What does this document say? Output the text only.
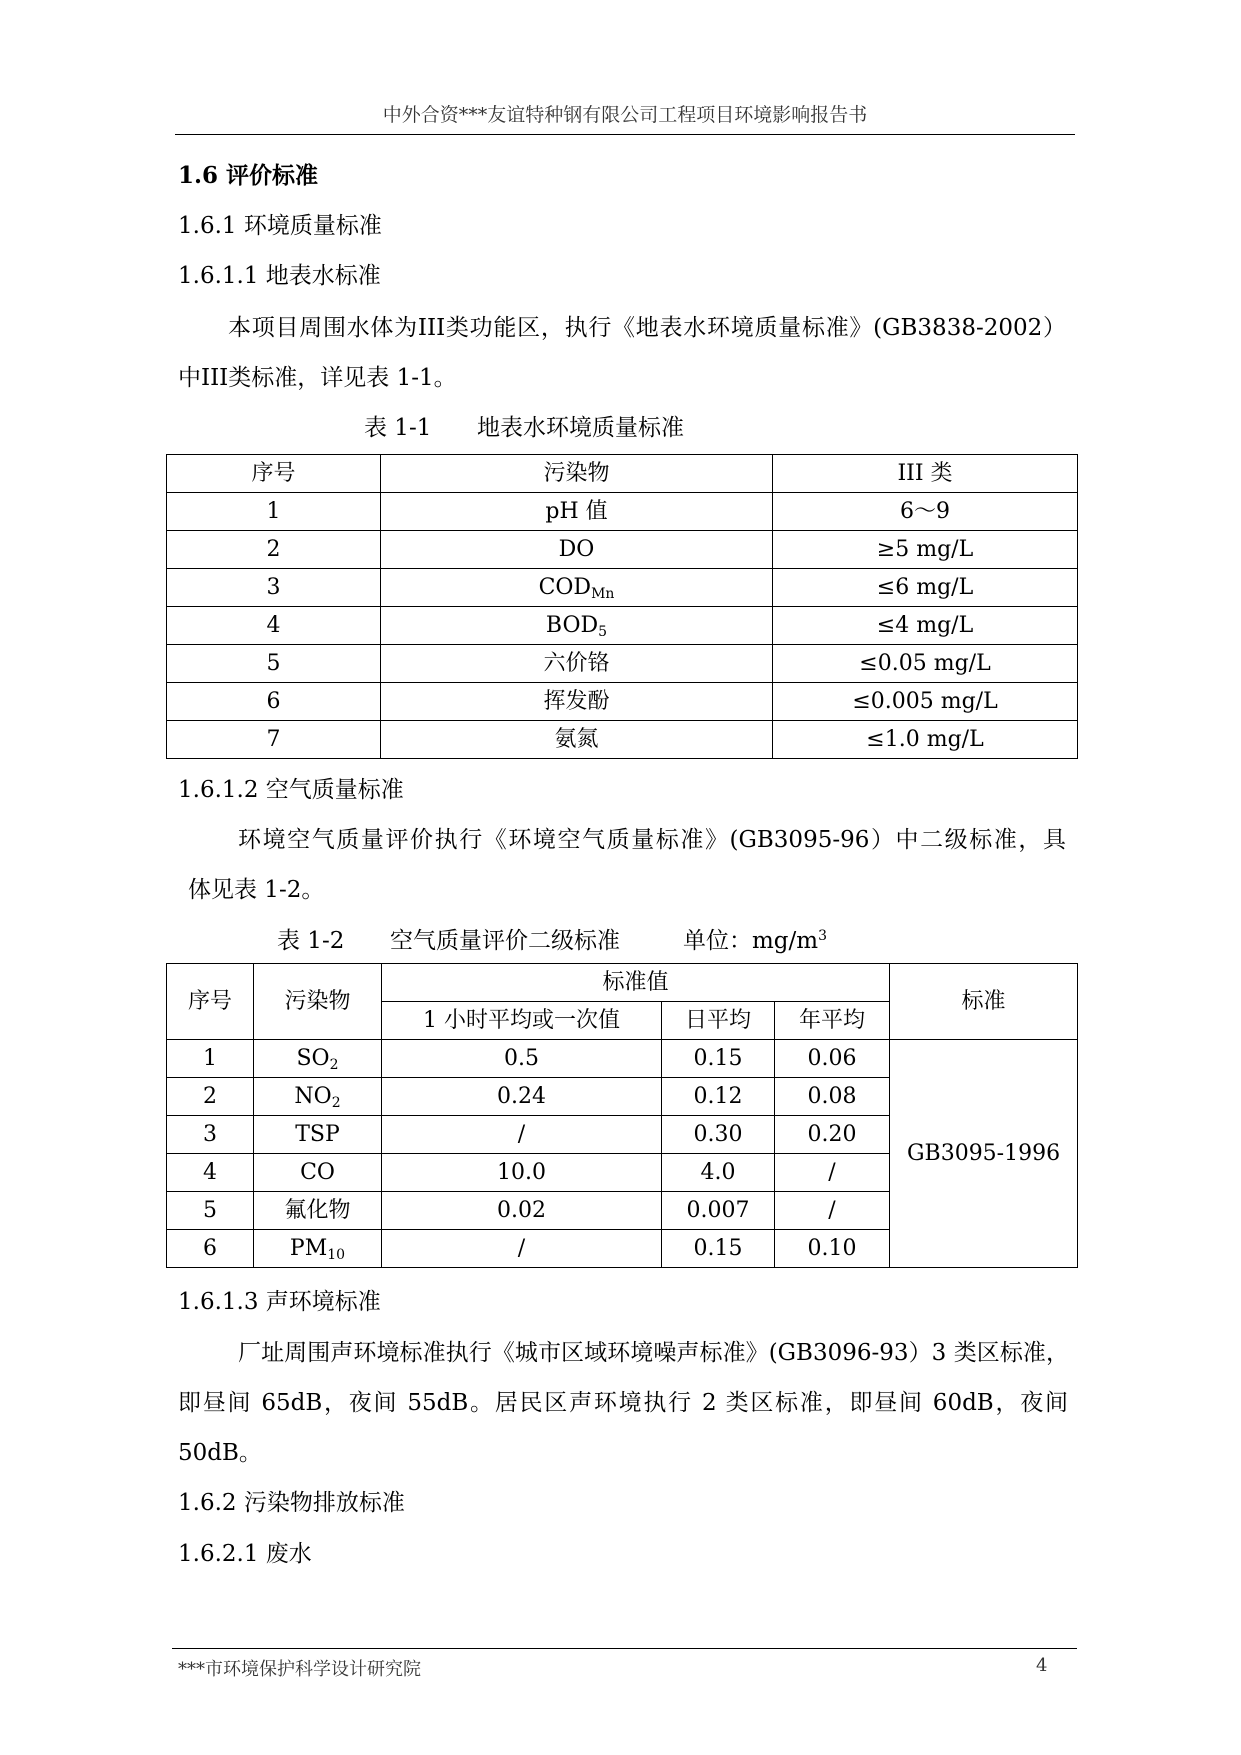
中外合资***友谊特种钢有限公司工程项目环境影响报告书
1.6 评价标准
1.6.1 环境质量标准
1.6.1.1 地表水标准
本项目周围水体为III类功能区，执行《地表水环境质量标准》(GB3838-2002）
中III类标准，详见表 1-1。
表 1-1 地表水环境质量标准
序号	污染物	III 类
1	pH 值	6～9
2	DO	≥5 mg/L
3	$COD_{Mn}$	≤6 mg/L
4	$BOD_5$	≤4 mg/L
5	六价铬	≤0.05 mg/L
6	挥发酚	≤0.005 mg/L
7	氨氮	≤1.0 mg/L
1.6.1.2 空气质量标准
环境空气质量评价执行《环境空气质量标准》(GB3095-96）中二级标准，具
体见表 1-2。
表 1-2 空气质量评价二级标准	单位：$mg/m^3$
序号	污染物	标准值			标准
		1 小时平均或一次值	日平均	年平均	
1	$SO_2$	0.5	0.15	0.06	GB3095-1996
2	$NO_2$	0.24	0.12	0.08	
3	TSP	/	0.30	0.20	
4	CO	10.0	4.0	/	
5	氟化物	0.02	0.007	/	
6	$PM_{10}$	/	0.15	0.10	
1.6.1.3 声环境标准
厂址周围声环境标准执行《城市区域环境噪声标准》(GB3096-93）3 类区标准，
即昼间 65dB，夜间 55dB。居民区声环境执行 2 类区标准，即昼间 60dB，夜间
50dB。
1.6.2 污染物排放标准
1.6.2.1 废水
***市环境保护科学设计研究院	4
